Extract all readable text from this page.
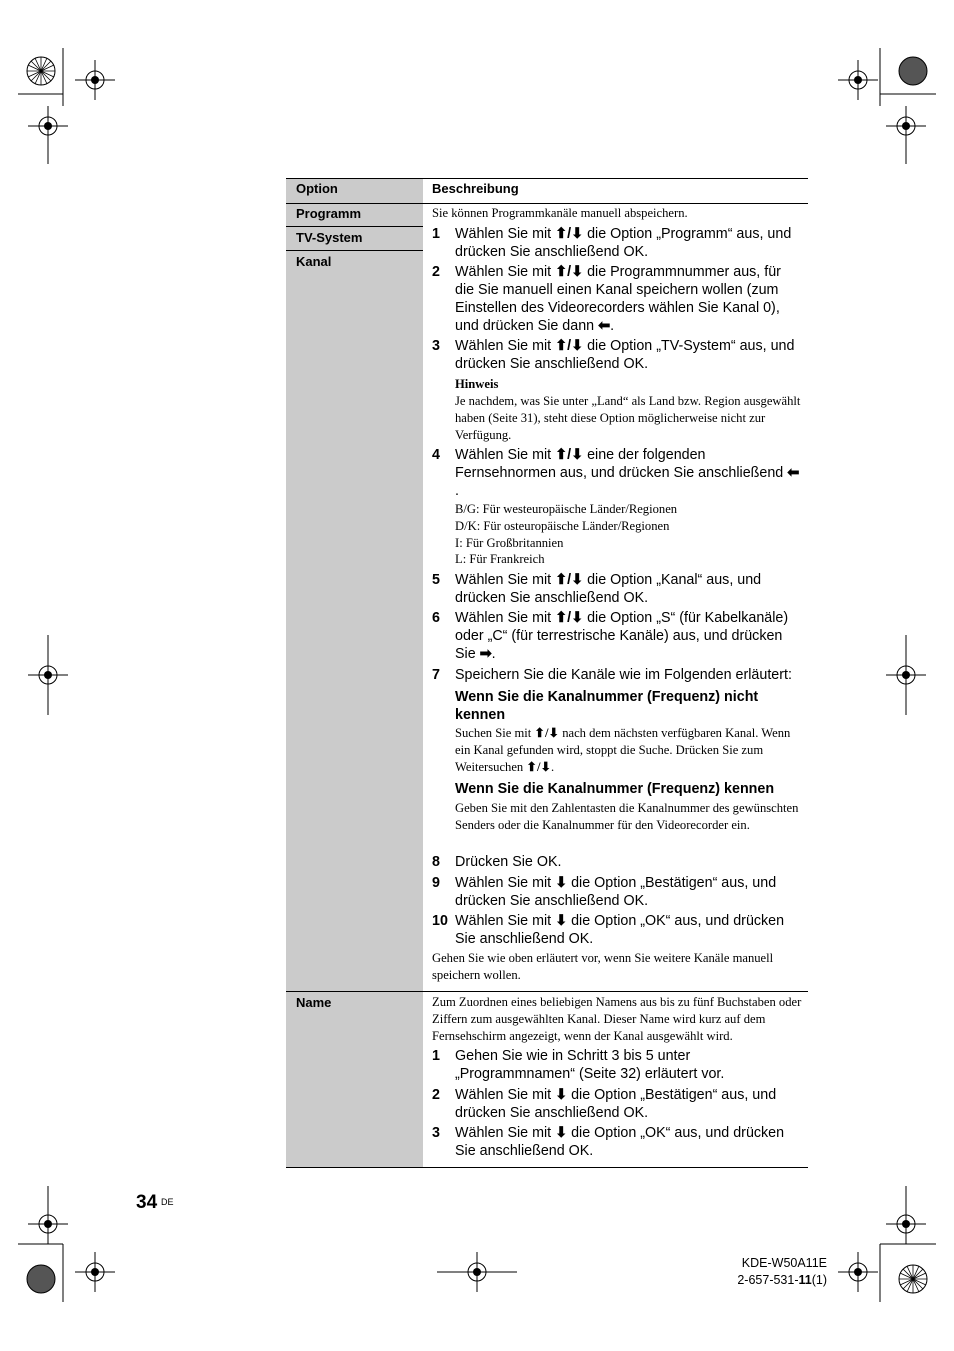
Option	Beschreibung
Programm
TV-System
Kanal
Name
Sie können Programmkanäle manuell abspeichern.
1 Wählen Sie mit ⬆/⬇ die Option „Programm“ aus, und drücken Sie anschließend OK.
2 Wählen Sie mit ⬆/⬇ die Programmnummer aus, für die Sie manuell einen Kanal speichern wollen (zum Einstellen des Videorecorders wählen Sie Kanal 0), und drücken Sie dann ⬅.
3 Wählen Sie mit ⬆/⬇ die Option „TV-System“ aus, und drücken Sie anschließend OK.
Hinweis
Je nachdem, was Sie unter „Land“ als Land bzw. Region ausgewählt haben (Seite 31), steht diese Option möglicherweise nicht zur Verfügung.
4 Wählen Sie mit ⬆/⬇ eine der folgenden Fernsehnormen aus, und drücken Sie anschließend ⬅.
B/G: Für westeuropäische Länder/Regionen
D/K: Für osteuropäische Länder/Regionen
I: Für Großbritannien
L: Für Frankreich
5 Wählen Sie mit ⬆/⬇ die Option „Kanal“ aus, und drücken Sie anschließend OK.
6 Wählen Sie mit ⬆/⬇ die Option „S“ (für Kabelkanäle) oder „C“ (für terrestrische Kanäle) aus, und drücken Sie ➡.
7 Speichern Sie die Kanäle wie im Folgenden erläutert:
Wenn Sie die Kanalnummer (Frequenz) nicht kennen
Suchen Sie mit ⬆/⬇ nach dem nächsten verfügbaren Kanal. Wenn ein Kanal gefunden wird, stoppt die Suche. Drücken Sie zum Weitersuchen ⬆/⬇.
Wenn Sie die Kanalnummer (Frequenz) kennen
Geben Sie mit den Zahlentasten die Kanalnummer des gewünschten Senders oder die Kanalnummer für den Videorecorder ein.
8 Drücken Sie OK.
9 Wählen Sie mit ⬇ die Option „Bestätigen“ aus, und drücken Sie anschließend OK.
10 Wählen Sie mit ⬇ die Option „OK“ aus, und drücken Sie anschließend OK.
Gehen Sie wie oben erläutert vor, wenn Sie weitere Kanäle manuell speichern wollen.
Zum Zuordnen eines beliebigen Namens aus bis zu fünf Buchstaben oder Ziffern zum ausgewählten Kanal. Dieser Name wird kurz auf dem Fernsehschirm angezeigt, wenn der Kanal ausgewählt wird.
1 Gehen Sie wie in Schritt 3 bis 5 unter „Programmnamen“ (Seite 32) erläutert vor.
2 Wählen Sie mit ⬇ die Option „Bestätigen“ aus, und drücken Sie anschließend OK.
3 Wählen Sie mit ⬇ die Option „OK“ aus, und drücken Sie anschließend OK.
34 DE
KDE-W50A11E
2-657-531-11(1)
